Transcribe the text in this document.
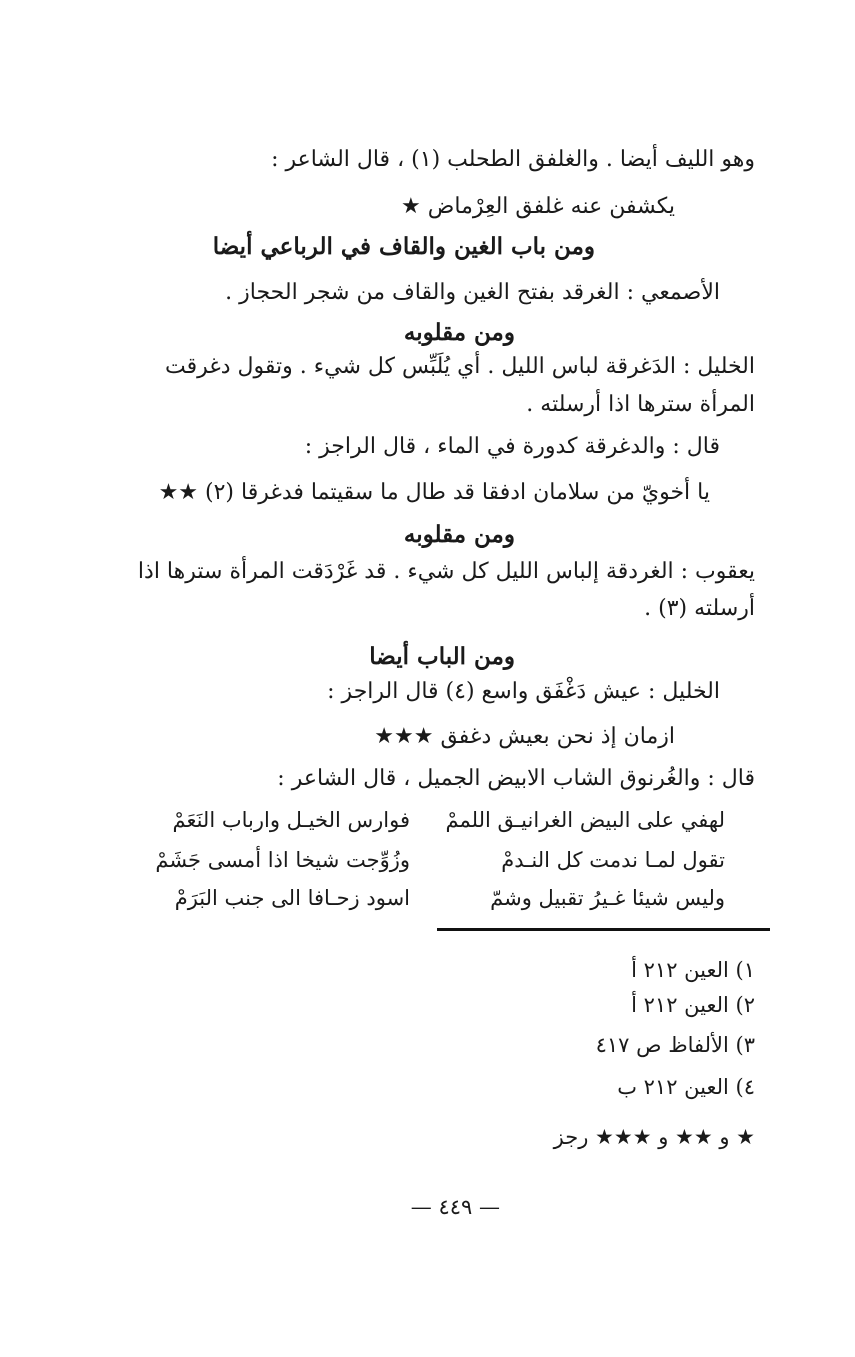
وهو الليف أيضا . والغلفق الطحلب (١) ، قال الشاعر :
يكشفن عنه غلفق العِرْماض ★
ومن باب الغين والقاف في الرباعي أيضا
الأصمعي : الغرقد بفتح الغين والقاف من شجر الحجاز .
ومن مقلوبه
الخليل : الدَغرقة لباس الليل . أي يُلَبِّس كل شيء . وتقول دغرقت
المرأة سترها اذا أرسلته .
قال : والدغرقة كدورة في الماء ، قال الراجز :
يا أخويّ من سلامان ادفقا قد طال ما سقيتما فدغرقا (٢) ★★
ومن مقلوبه
يعقوب : الغردقة إلباس الليل كل شيء . قد غَرْدَقت المرأة سترها اذا
أرسلته (٣) .
ومن الباب أيضا
الخليل : عيش دَغْفَق واسع (٤) قال الراجز :
ازمان إذ نحن بعيش دغفق ★★★
قال : والغُرنوق الشاب الابيض الجميل ، قال الشاعر :
لهفي على البيض الغرانيـق اللممْ
فوارس الخيـل وارباب النَعَمْ
تقول لمـا ندمت كل النـدمْ
وزُوِّجت شيخا اذا أمسى جَشَمْ
وليس شيئا غـيرُ تقبيل وشمّ
اسود زحـافا الى جنب البَرَمْ
١) العين ٢١٢ أ
٢) العين ٢١٢ أ
٣) الألفاظ ص ٤١٧
٤) العين ٢١٢ ب
★ و ★★ و ★★★ رجز
— ٤٤٩ —
